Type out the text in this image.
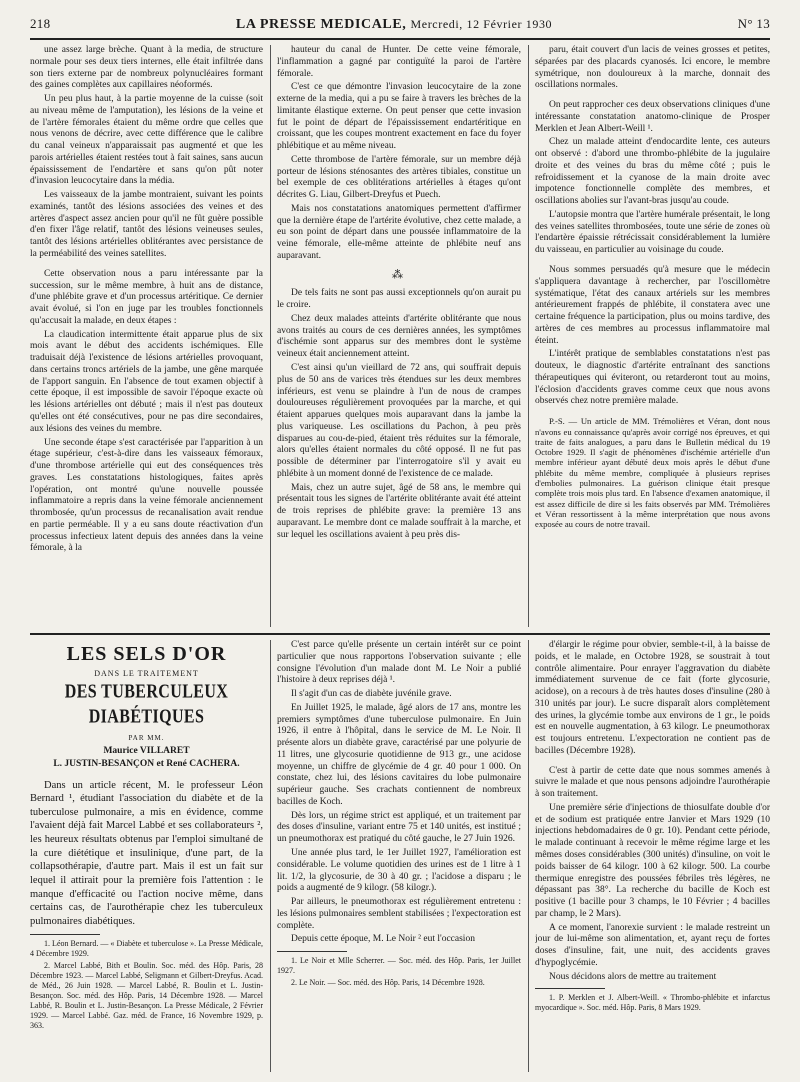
218	LA PRESSE MEDICALE, Mercredi, 12 Février 1930	N° 13

une assez large brèche. Quant à la media, de structure normale pour ses deux tiers internes, elle était infiltrée dans son tiers externe par de nombreux polynucléaires formant des gaines complètes aux capillaires néoformés.

Un peu plus haut, à la partie moyenne de la cuisse (soit au niveau même de l'amputation), les lésions de la veine et de l'artère fémorales étaient du même ordre que celles que nous venons de décrire, avec cette différence que le calibre du canal veineux n'apparaissait pas augmenté et que les parois artérielles étaient restées tout à fait saines, sans aucun épaississement de l'endartère et sans qu'on pût noter d'invasion leucocytaire dans la média.

Les vaisseaux de la jambe montraient, suivant les points examinés, tantôt des lésions associées des veines et des artères d'aspect assez ancien pour qu'il ne fût guère possible d'en fixer l'âge relatif, tantôt des lésions veineuses seules, tantôt des lésions artérielles oblitérantes avec persistance de la perméabilité des veines satellites.

Cette observation nous a paru intéressante par la succession, sur le même membre, à huit ans de distance, d'une phlébite grave et d'un processus artéritique. Ce dernier avait évolué, si l'on en juge par les troubles fonctionnels qu'accusait la malade, en deux étapes :

La claudication intermittente était apparue plus de six mois avant le début des accidents ischémiques. Elle traduisait déjà l'existence de lésions artérielles provoquant, dans certains troncs artériels de la jambe, une gêne marquée de l'apport sanguin. En l'absence de tout examen objectif à cette époque, il est impossible de savoir l'époque exacte où les lésions artérielles ont débuté ; mais il n'est pas douteux qu'elles ont été consécutives, pour ne pas dire secondaires, aux lésions des veines du membre.

Une seconde étape s'est caractérisée par l'apparition à un étage supérieur, c'est-à-dire dans les vaisseaux fémoraux, d'une thrombose artérielle qui eut des conséquences très graves. Les constatations histologiques, faites après l'opération, ont montré qu'une nouvelle poussée inflammatoire a repris dans la veine fémorale anciennement thrombosée, qu'un processus de recanalisation avait rendue en partie perméable. Il y a eu sans doute réactivation d'un processus infectieux latent depuis des années dans la veine fémorale, à la

hauteur du canal de Hunter. De cette veine fémorale, l'inflammation a gagné par contiguïté la paroi de l'artère fémorale.

C'est ce que démontre l'invasion leucocytaire de la zone externe de la media, qui a pu se faire à travers les brèches de la limitante élastique externe. On peut penser que cette invasion fut le point de départ de l'épaississement endartéritique en croissant, que les coupes montrent exactement en face du foyer phlébitique et au même niveau.

Cette thrombose de l'artère fémorale, sur un membre déjà porteur de lésions sténosantes des artères tibiales, constitue un bel exemple de ces oblitérations artérielles à étages qu'ont décrites G. Liau, Gilbert-Dreyfus et Puech.

Mais nos constatations anatomiques permettent d'affirmer que la dernière étape de l'artérite évolutive, chez cette malade, a eu son point de départ dans une poussée inflammatoire de la veine fémorale, elle-même atteinte de phlébite neuf ans auparavant.

⁂

De tels faits ne sont pas aussi exceptionnels qu'on aurait pu le croire.

Chez deux malades atteints d'artérite oblitérante que nous avons traités au cours de ces dernières années, les symptômes d'ischémie sont apparus sur des membres dont le système veineux était anciennement atteint.

C'est ainsi qu'un vieillard de 72 ans, qui souffrait depuis plus de 50 ans de varices très étendues sur les deux membres inférieurs, est venu se plaindre à l'un de nous de crampes douloureuses régulièrement provoquées par la marche, et qui étaient apparues quelques mois auparavant dans la jambe la plus variqueuse. Les oscillations du Pachon, à peu près disparues au cou-de-pied, étaient très réduites sur la fémorale, alors qu'elles étaient normales du côté opposé. Il ne fut pas possible de déterminer par l'interrogatoire s'il y avait eu phlébite à un moment donné de l'existence de ce malade.

Mais, chez un autre sujet, âgé de 58 ans, le membre qui présentait tous les signes de l'artérite oblitérante avait été atteint de trois reprises de phlébite grave: la première 13 ans auparavant. Le membre dont ce malade souffrait à la marche, et sur lequel les oscillations avaient à peu près dis-

paru, était couvert d'un lacis de veines grosses et petites, séparées par des placards cyanosés. Ici encore, le membre symétrique, non douloureux à la marche, donnait des oscillations normales.

On peut rapprocher ces deux observations cliniques d'une intéressante constatation anatomo-clinique de Prosper Merklen et Jean Albert-Weill ¹.

Chez un malade atteint d'endocardite lente, ces auteurs ont observé : d'abord une thrombo-phlébite de la jugulaire droite et des veines du bras du même côté ; puis le refroidissement et la cyanose de la main droite avec impotence fonctionnelle complète des membres, et oscillations abolies sur l'avant-bras jusqu'au coude.

L'autopsie montra que l'artère humérale présentait, le long des veines satellites thrombosées, toute une série de zones où l'endartère épaissie rétrécissait considérablement la lumière du vaisseau, en particulier au voisinage du coude.

Nous sommes persuadés qu'à mesure que le médecin s'appliquera davantage à rechercher, par l'oscillomètre systématique, l'état des canaux artériels sur les membres antérieurement frappés de phlébite, il constatera avec une certaine fréquence la participation, plus ou moins tardive, des artères de ces membres au processus inflammatoire mal éteint.

L'intérêt pratique de semblables constatations n'est pas douteux, le diagnostic d'artérite entraînant des sanctions thérapeutiques qui éviteront, ou retarderont tout au moins, l'éclosion d'accidents graves comme ceux que nous avons observés chez notre première malade.

P.-S. — Un article de MM. Trémolières et Véran, dont nous n'avons eu connaissance qu'après avoir corrigé nos épreuves, et qui traite de faits analogues, a paru dans le Bulletin médical du 19 Octobre 1929. Il s'agit de phénomènes d'ischémie artérielle d'un membre inférieur ayant débuté deux mois après le début d'une phlébite du même membre, compliquée à plusieurs reprises d'embolies pulmonaires. La guérison clinique était presque complète trois mois plus tard. En l'absence d'examen anatomique, il est assez difficile de dire si les faits observés par MM. Trémolières et Véran ressortissent à la même interprétation que nous avons exposée au cours de notre travail.

LES SELS D'OR
DANS LE TRAITEMENT
DES TUBERCULEUX DIABÉTIQUES
PAR MM.
Maurice VILLARET
L. JUSTIN-BESANÇON et René CACHERA.

Dans un article récent, M. le professeur Léon Bernard ¹, étudiant l'association du diabète et de la tuberculose pulmonaire, a mis en évidence, comme l'avaient déjà fait Marcel Labbé et ses collaborateurs ², les heureux résultats obtenus par l'emploi simultané de la cure diététique et insulinique, d'une part, de la collapsothérapie, d'autre part. Mais il est un fait sur lequel il attirait pour la première fois l'attention : le manque d'efficacité ou l'action nocive même, dans certains cas, de l'aurothérapie chez les tuberculeux pulmonaires diabétiques.

1. Léon Bernard. — « Diabète et tuberculose ». La Presse Médicale, 4 Décembre 1929.

2. Marcel Labbé, Bith et Boulin. Soc. méd. des Hôp. Paris, 28 Décembre 1923. — Marcel Labbé, Seligmann et Gilbert-Dreyfus. Acad. de Méd., 26 Juin 1928. — Marcel Labbé, R. Boulin et L. Justin-Besançon. Soc. méd. des Hôp. Paris, 14 Décembre 1928. — Marcel Labbé, R. Boulin et L. Justin-Besançon. La Presse Médicale, 2 Février 1929. — Marcel Labbé. Gaz. méd. de France, 16 Novembre 1929, p. 363.

C'est parce qu'elle présente un certain intérêt sur ce point particulier que nous rapportons l'observation suivante ; elle consigne l'évolution d'un malade dont M. Le Noir a publié l'histoire à deux reprises déjà ¹.

Il s'agit d'un cas de diabète juvénile grave.

En Juillet 1925, le malade, âgé alors de 17 ans, montre les premiers symptômes d'une tuberculose pulmonaire. En Juin 1926, il entre à l'hôpital, dans le service de M. Le Noir. Il présente alors un diabète grave, caractérisé par une polyurie de 11 litres, une glycosurie quotidienne de 913 gr., une acidose moyenne, un chiffre de glycémie de 4 gr. 40 pour 1 000. On constate, chez lui, des lésions cavitaires du lobe pulmonaire supérieur gauche. Ses crachats contiennent de nombreux bacilles de Koch.

Dès lors, un régime strict est appliqué, et un traitement par des doses d'insuline, variant entre 75 et 140 unités, est institué ; un pneumothorax est pratiqué du côté gauche, le 27 Juin 1926.

Une année plus tard, le 1er Juillet 1927, l'amélioration est considérable. Le volume quotidien des urines est de 1 litre à 1 lit. 1/2, la glycosurie, de 30 à 40 gr. ; l'acidose a disparu ; le poids a augmenté de 9 kilogr. (58 kilogr.).

Par ailleurs, le pneumothorax est régulièrement entretenu : les lésions pulmonaires semblent stabilisées ; l'expectoration est complète.

Depuis cette époque, M. Le Noir ² eut l'occasion

1. Le Noir et Mlle Scherrer. — Soc. méd. des Hôp. Paris, 1er Juillet 1927.

2. Le Noir. — Soc. méd. des Hôp. Paris, 14 Décembre 1928.

d'élargir le régime pour obvier, semble-t-il, à la baisse de poids, et le malade, en Octobre 1928, se soustrait à tout contrôle alimentaire. Pour enrayer l'aggravation du diabète immédiatement survenue de ce fait (forte glycosurie, acidose), on a recours à de très hautes doses d'insuline (280 à 310 unités par jour). Le sucre disparaît alors complètement des urines, la glycémie tombe aux environs de 1 gr., le poids est en nouvelle augmentation, à 63 kilogr. Le pneumothorax est toujours entretenu. L'expectoration ne contient pas de bacilles (Décembre 1928).

C'est à partir de cette date que nous sommes amenés à suivre le malade et que nous pensons adjoindre l'aurothérapie à son traitement.

Une première série d'injections de thiosulfate double d'or et de sodium est pratiquée entre Janvier et Mars 1929 (10 injections hebdomadaires de 0 gr. 10). Pendant cette période, le malade continuant à recevoir le même régime large et les mêmes doses considérables (300 unités) d'insuline, on voit le poids baisser de 64 kilogr. 100 à 62 kilogr. 500. La courbe thermique enregistre des poussées fébriles très légères, ne dépassant pas 38°. La recherche du bacille de Koch est positive (1 bacille pour 3 champs, le 10 Février ; 4 bacilles par champ, le 2 Mars).

A ce moment, l'anorexie survient : le malade restreint un jour de lui-même son alimentation, et, ayant reçu de fortes doses d'insuline, fait, une nuit, des accidents graves d'hypoglycémie.

Nous décidons alors de mettre au traitement

1. P. Merklen et J. Albert-Weill. « Thrombo-phlébite et infarctus myocardique ». Soc. méd. Hôp. Paris, 8 Mars 1929.
